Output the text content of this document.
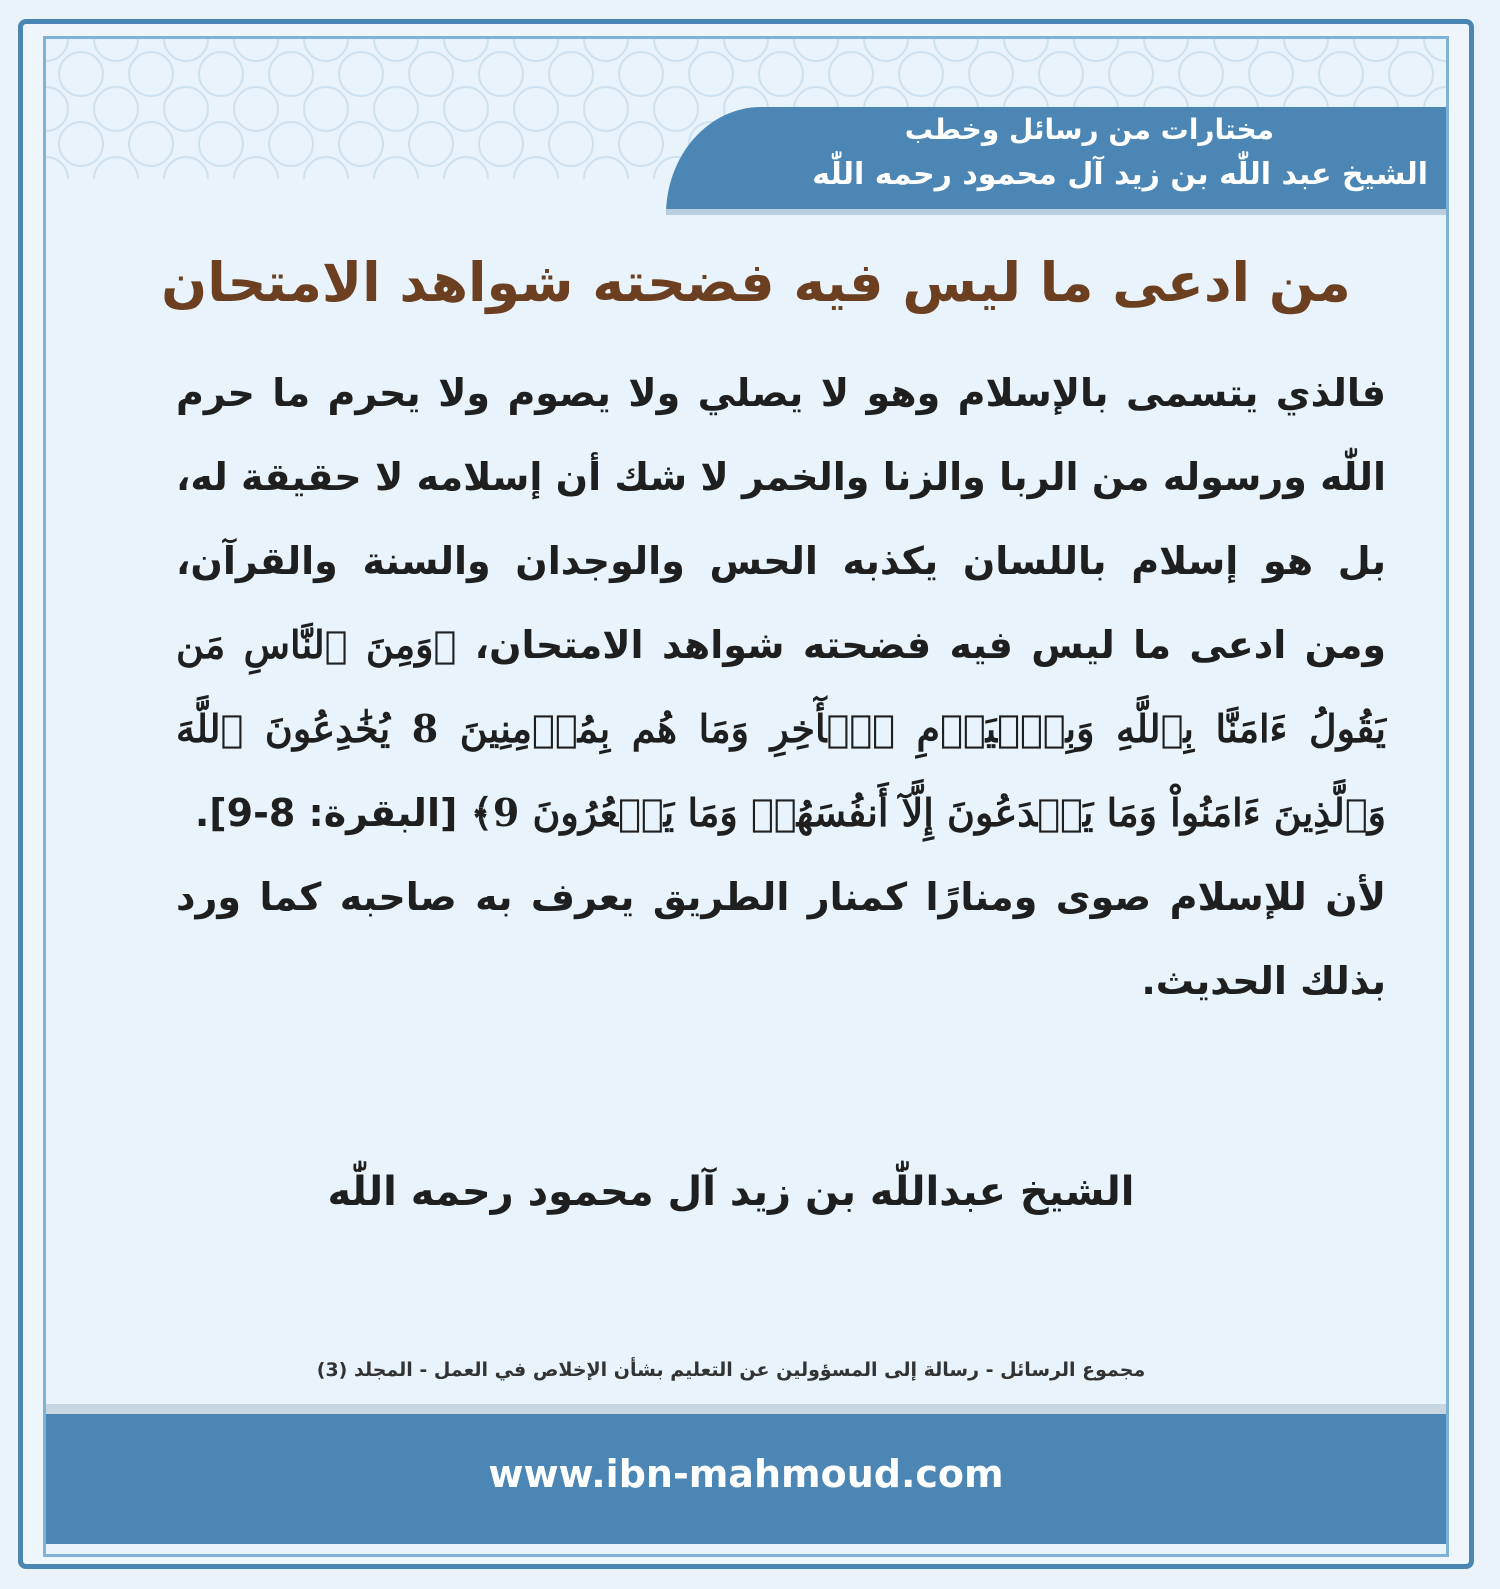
مختارات من رسائل وخطب
الشيخ عبد اللّٰه بن زيد آل محمود رحمه اللّٰه
من ادعى ما ليس فيه فضحته شواهد الامتحان

فالذي يتسمى بالإسلام وهو لا يصلي ولا يصوم ولا يحرم ما حرم اللّٰه ورسوله من الربا والزنا والخمر لا شك أن إسلامه لا حقيقة له، بل هو إسلام باللسان يكذبه الحس والوجدان والسنة والقرآن، ومن ادعى ما ليس فيه فضحته شواهد الامتحان، ﴿وَمِنَ ٱلنَّاسِ مَن يَقُولُ ءَامَنَّا بِٱللَّهِ وَبِٱلۡيَوۡمِ ٱلۡأٓخِرِ وَمَا هُم بِمُؤۡمِنِينَ 8 يُخَٰدِعُونَ ٱللَّهَ وَٱلَّذِينَ ءَامَنُواْ وَمَا يَخۡدَعُونَ إِلَّآ أَنفُسَهُمۡ وَمَا يَشۡعُرُونَ 9﴾ [البقرة: 8-9].

لأن للإسلام صوى ومنارًا كمنار الطريق يعرف به صاحبه كما ورد بذلك الحديث.

الشيخ عبداللّٰه بن زيد آل محمود رحمه اللّٰه

مجموع الرسائل - رسالة إلى المسؤولين عن التعليم بشأن الإخلاص في العمل - المجلد (3)

www.ibn-mahmoud.com
